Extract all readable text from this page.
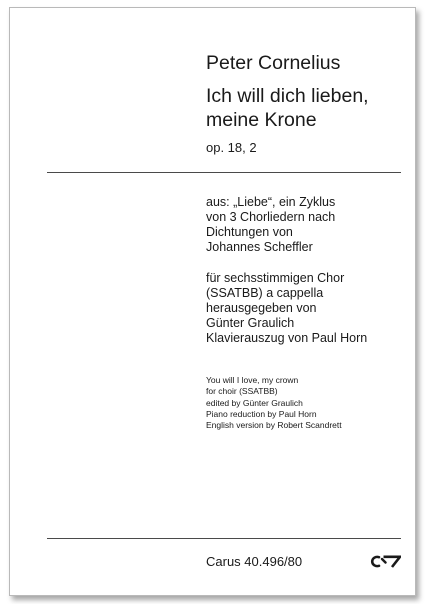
Peter Cornelius
Ich will dich lieben,
meine Krone
op. 18, 2
aus: „Liebe“, ein Zyklus
von 3 Chorliedern nach
Dichtungen von
Johannes Scheffler
für sechsstimmigen Chor
(SSATBB) a cappella
herausgegeben von
Günter Graulich
Klavierauszug von Paul Horn
You will I love, my crown
for choir (SSATBB)
edited by Günter Graulich
Piano reduction by Paul Horn
English version by Robert Scandrett
Carus 40.496/80
